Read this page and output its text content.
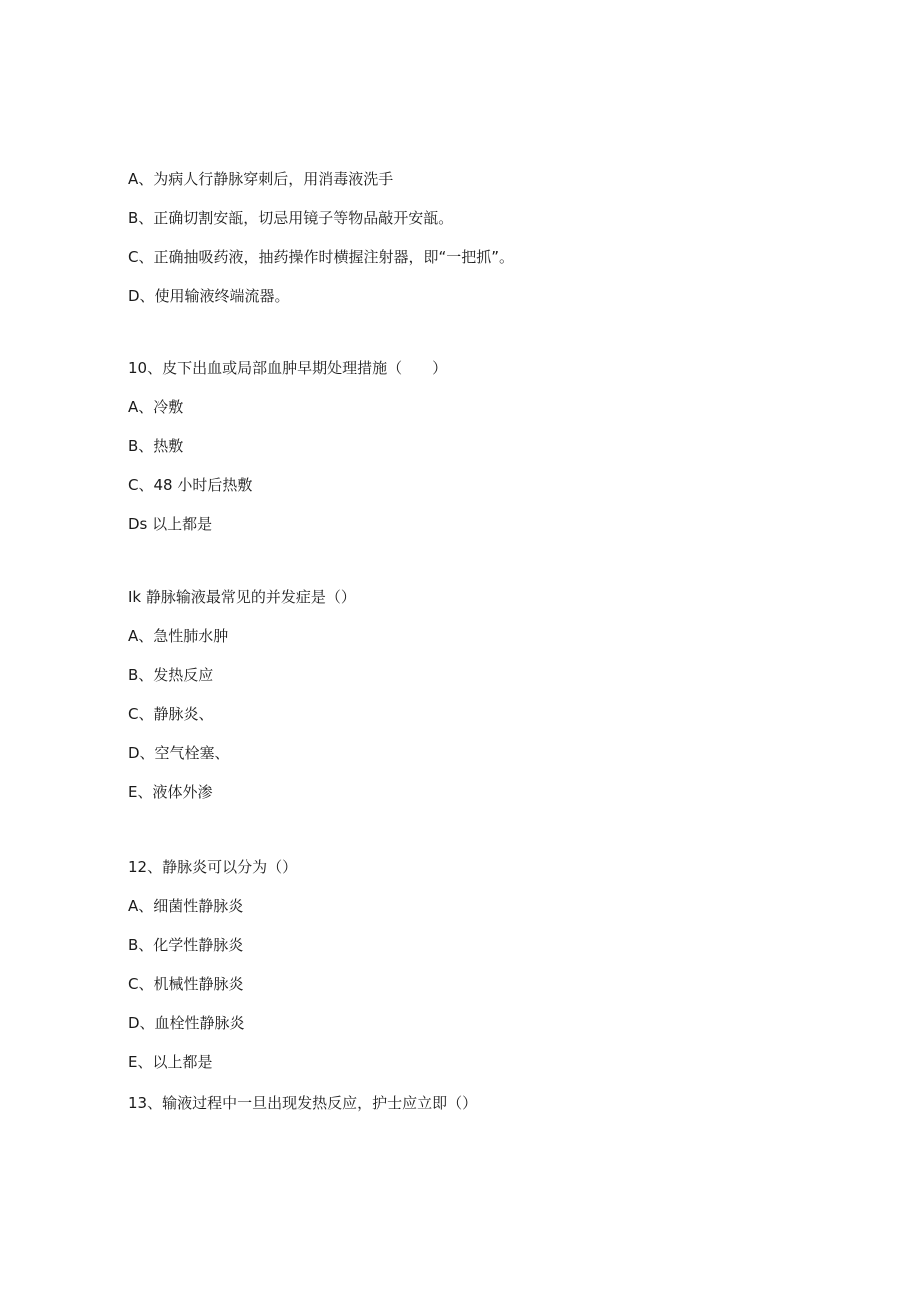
A、为病人行静脉穿刺后，用消毒液洗手
B、正确切割安瓿，切忌用镜子等物品敲开安瓿。
C、正确抽吸药液，抽药操作时横握注射器，即“一把抓”。
D、使用输液终端流器。
10、皮下出血或局部血肿早期处理措施（　　）
A、冷敷
B、热敷
C、48 小时后热敷
Ds 以上都是
Ik 静脉输液最常见的并发症是（）
A、急性肺水肿
B、发热反应
C、静脉炎、
D、空气栓塞、
E、液体外渗
12、静脉炎可以分为（）
A、细菌性静脉炎
B、化学性静脉炎
C、机械性静脉炎
D、血栓性静脉炎
E、以上都是
13、输液过程中一旦出现发热反应，护士应立即（）
